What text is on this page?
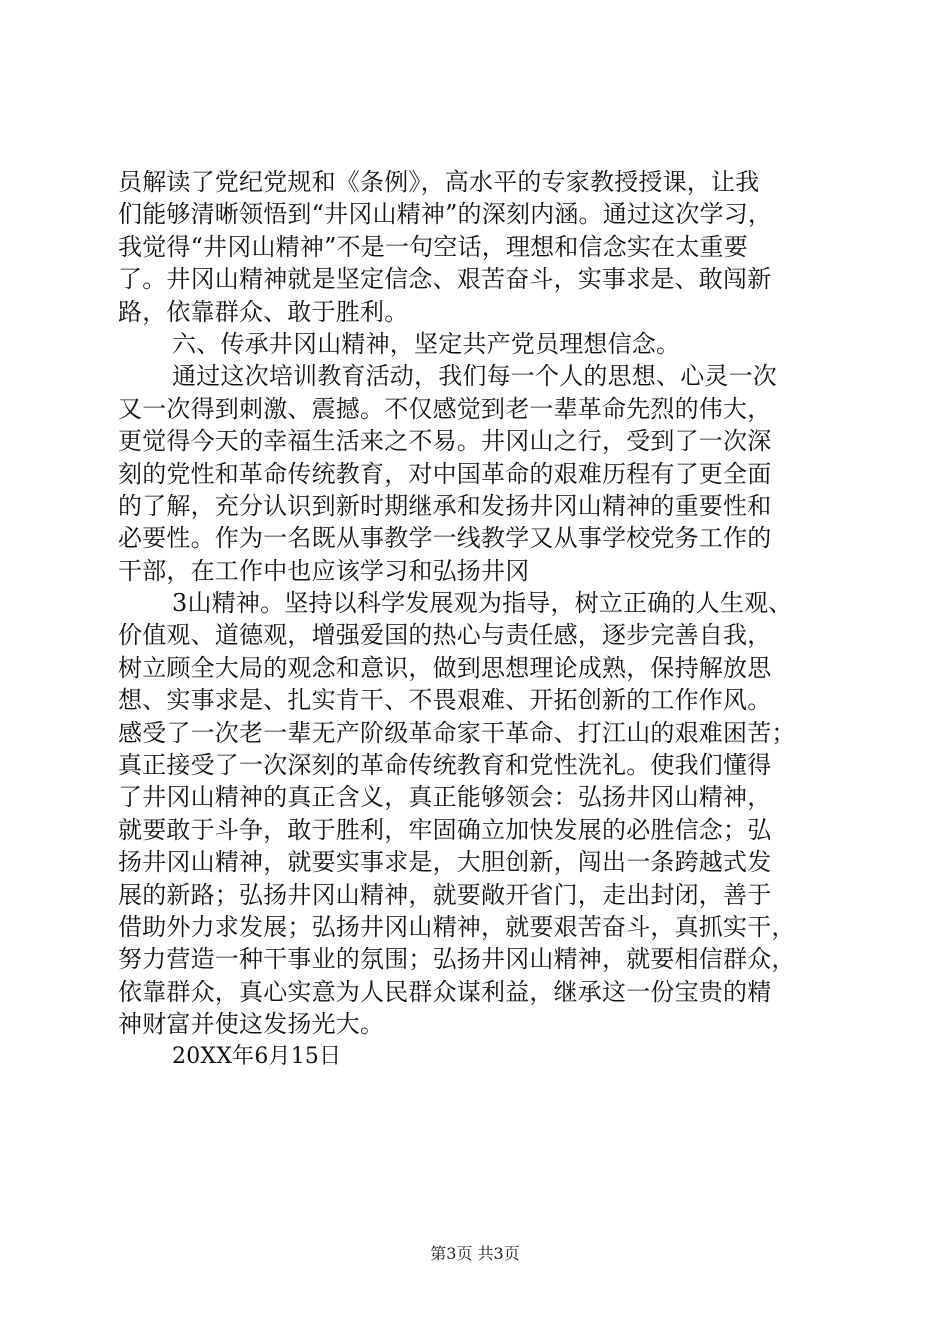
员解读了党纪党规和《条例》，高水平的专家教授授课，让我
们能够清晰领悟到“井冈山精神”的深刻内涵。通过这次学习，
我觉得“井冈山精神”不是一句空话，理想和信念实在太重要
了。井冈山精神就是坚定信念、艰苦奋斗，实事求是、敢闯新
路，依靠群众、敢于胜利。
六、传承井冈山精神，坚定共产党员理想信念。
通过这次培训教育活动，我们每一个人的思想、心灵一次
又一次得到刺激、震撼。不仅感觉到老一辈革命先烈的伟大，
更觉得今天的幸福生活来之不易。井冈山之行，受到了一次深
刻的党性和革命传统教育，对中国革命的艰难历程有了更全面
的了解，充分认识到新时期继承和发扬井冈山精神的重要性和
必要性。作为一名既从事教学一线教学又从事学校党务工作的
干部，在工作中也应该学习和弘扬井冈
3山精神。坚持以科学发展观为指导，树立正确的人生观、
价值观、道德观，增强爱国的热心与责任感，逐步完善自我，
树立顾全大局的观念和意识，做到思想理论成熟，保持解放思
想、实事求是、扎实肯干、不畏艰难、开拓创新的工作作风。
感受了一次老一辈无产阶级革命家干革命、打江山的艰难困苦；
真正接受了一次深刻的革命传统教育和党性洗礼。使我们懂得
了井冈山精神的真正含义，真正能够领会：弘扬井冈山精神，
就要敢于斗争，敢于胜利，牢固确立加快发展的必胜信念；弘
扬井冈山精神，就要实事求是，大胆创新，闯出一条跨越式发
展的新路；弘扬井冈山精神，就要敞开省门，走出封闭，善于
借助外力求发展；弘扬井冈山精神，就要艰苦奋斗，真抓实干，
努力营造一种干事业的氛围；弘扬井冈山精神，就要相信群众，
依靠群众，真心实意为人民群众谋利益，继承这一份宝贵的精
神财富并使这发扬光大。
20XX年6月15日
第3页 共3页
